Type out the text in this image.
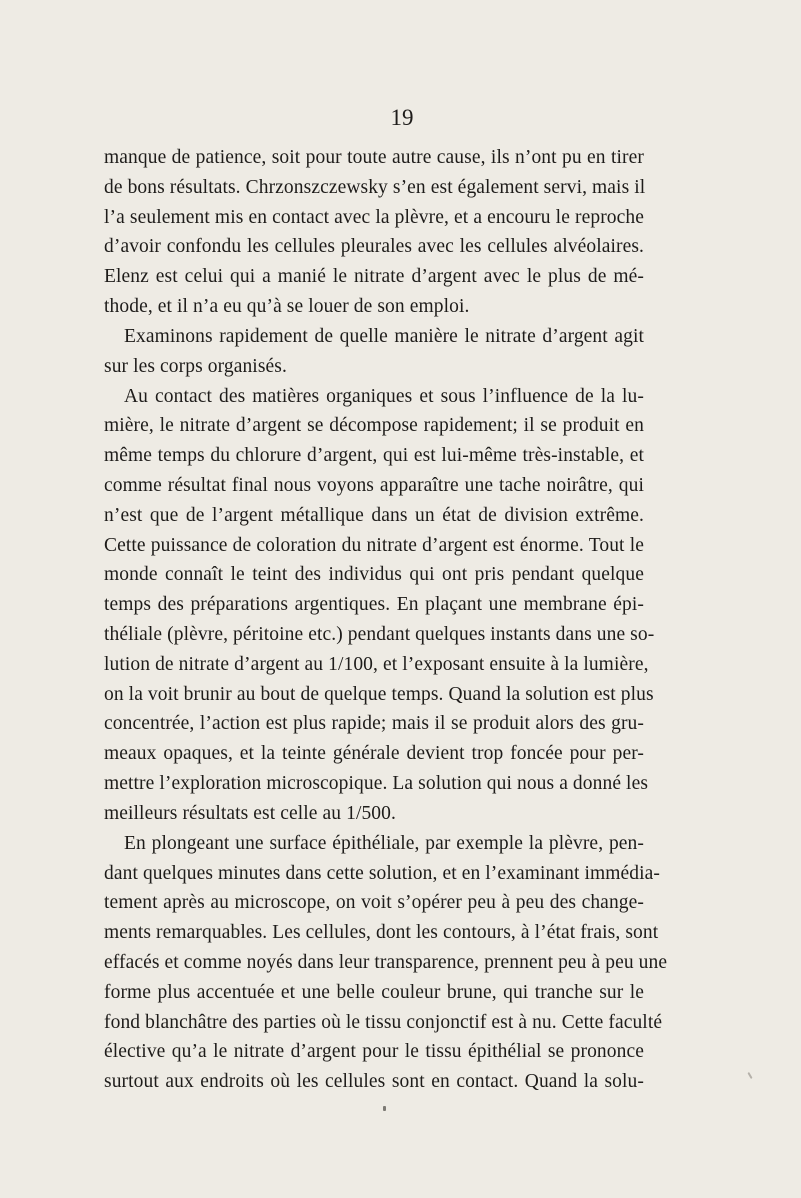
19
manque de patience, soit pour toute autre cause, ils n’ont pu en tirer
de bons résultats. Chrzonszczewsky s’en est également servi, mais il
l’a seulement mis en contact avec la plèvre, et a encouru le reproche
d’avoir confondu les cellules pleurales avec les cellules alvéolaires.
Elenz est celui qui a manié le nitrate d’argent avec le plus de mé-
thode, et il n’a eu qu’à se louer de son emploi.
Examinons rapidement de quelle manière le nitrate d’argent agit
sur les corps organisés.
Au contact des matières organiques et sous l’influence de la lu-
mière, le nitrate d’argent se décompose rapidement; il se produit en
même temps du chlorure d’argent, qui est lui-même très-instable, et
comme résultat final nous voyons apparaître une tache noirâtre, qui
n’est que de l’argent métallique dans un état de division extrême.
Cette puissance de coloration du nitrate d’argent est énorme. Tout le
monde connaît le teint des individus qui ont pris pendant quelque
temps des préparations argentiques. En plaçant une membrane épi-
théliale (plèvre, péritoine etc.) pendant quelques instants dans une so-
lution de nitrate d’argent au 1/100, et l’exposant ensuite à la lumière,
on la voit brunir au bout de quelque temps. Quand la solution est plus
concentrée, l’action est plus rapide; mais il se produit alors des gru-
meaux opaques, et la teinte générale devient trop foncée pour per-
mettre l’exploration microscopique. La solution qui nous a donné les
meilleurs résultats est celle au 1/500.
En plongeant une surface épithéliale, par exemple la plèvre, pen-
dant quelques minutes dans cette solution, et en l’examinant immédia-
tement après au microscope, on voit s’opérer peu à peu des change-
ments remarquables. Les cellules, dont les contours, à l’état frais, sont
effacés et comme noyés dans leur transparence, prennent peu à peu une
forme plus accentuée et une belle couleur brune, qui tranche sur le
fond blanchâtre des parties où le tissu conjonctif est à nu. Cette faculté
élective qu’a le nitrate d’argent pour le tissu épithélial se prononce
surtout aux endroits où les cellules sont en contact. Quand la solu-
